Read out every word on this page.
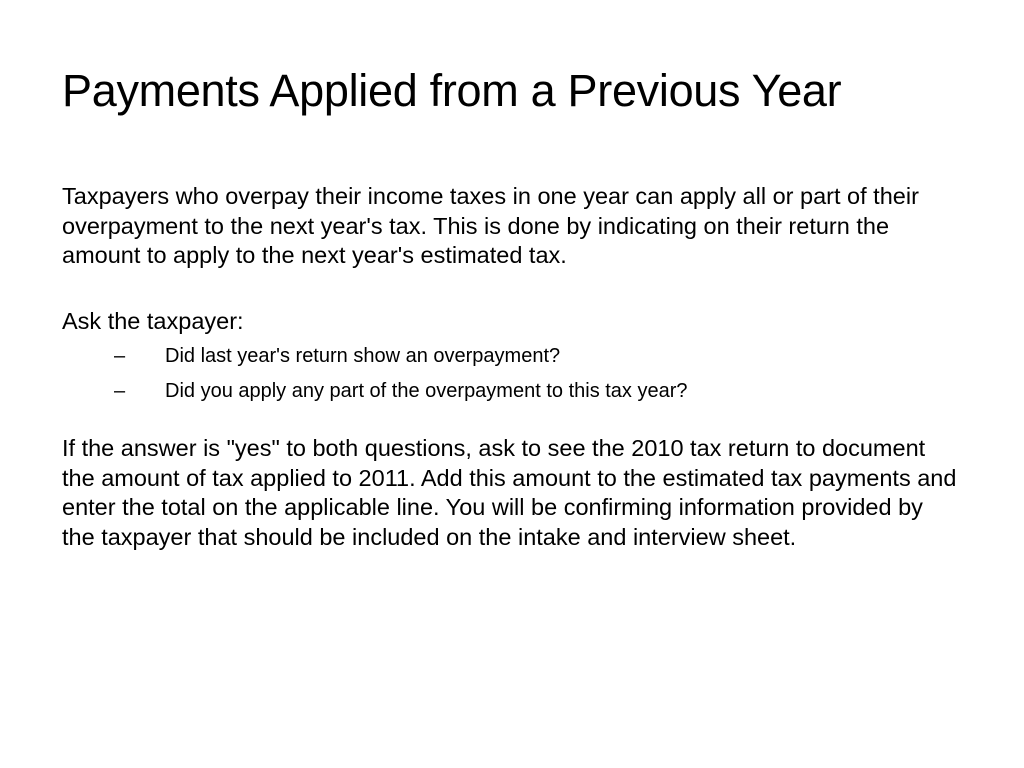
Payments Applied from a Previous Year

Taxpayers who overpay their income taxes in one year can apply all or part of their overpayment to the next year's tax. This is done by indicating on their return the amount to apply to the next year's estimated tax.

Ask the taxpayer:

– Did last year's return show an overpayment?
– Did you apply any part of the overpayment to this tax year?

If the answer is "yes" to both questions, ask to see the 2010 tax return to document the amount of tax applied to 2011. Add this amount to the estimated tax payments and enter the total on the applicable line. You will be confirming information provided by the taxpayer that should be included on the intake and interview sheet.
